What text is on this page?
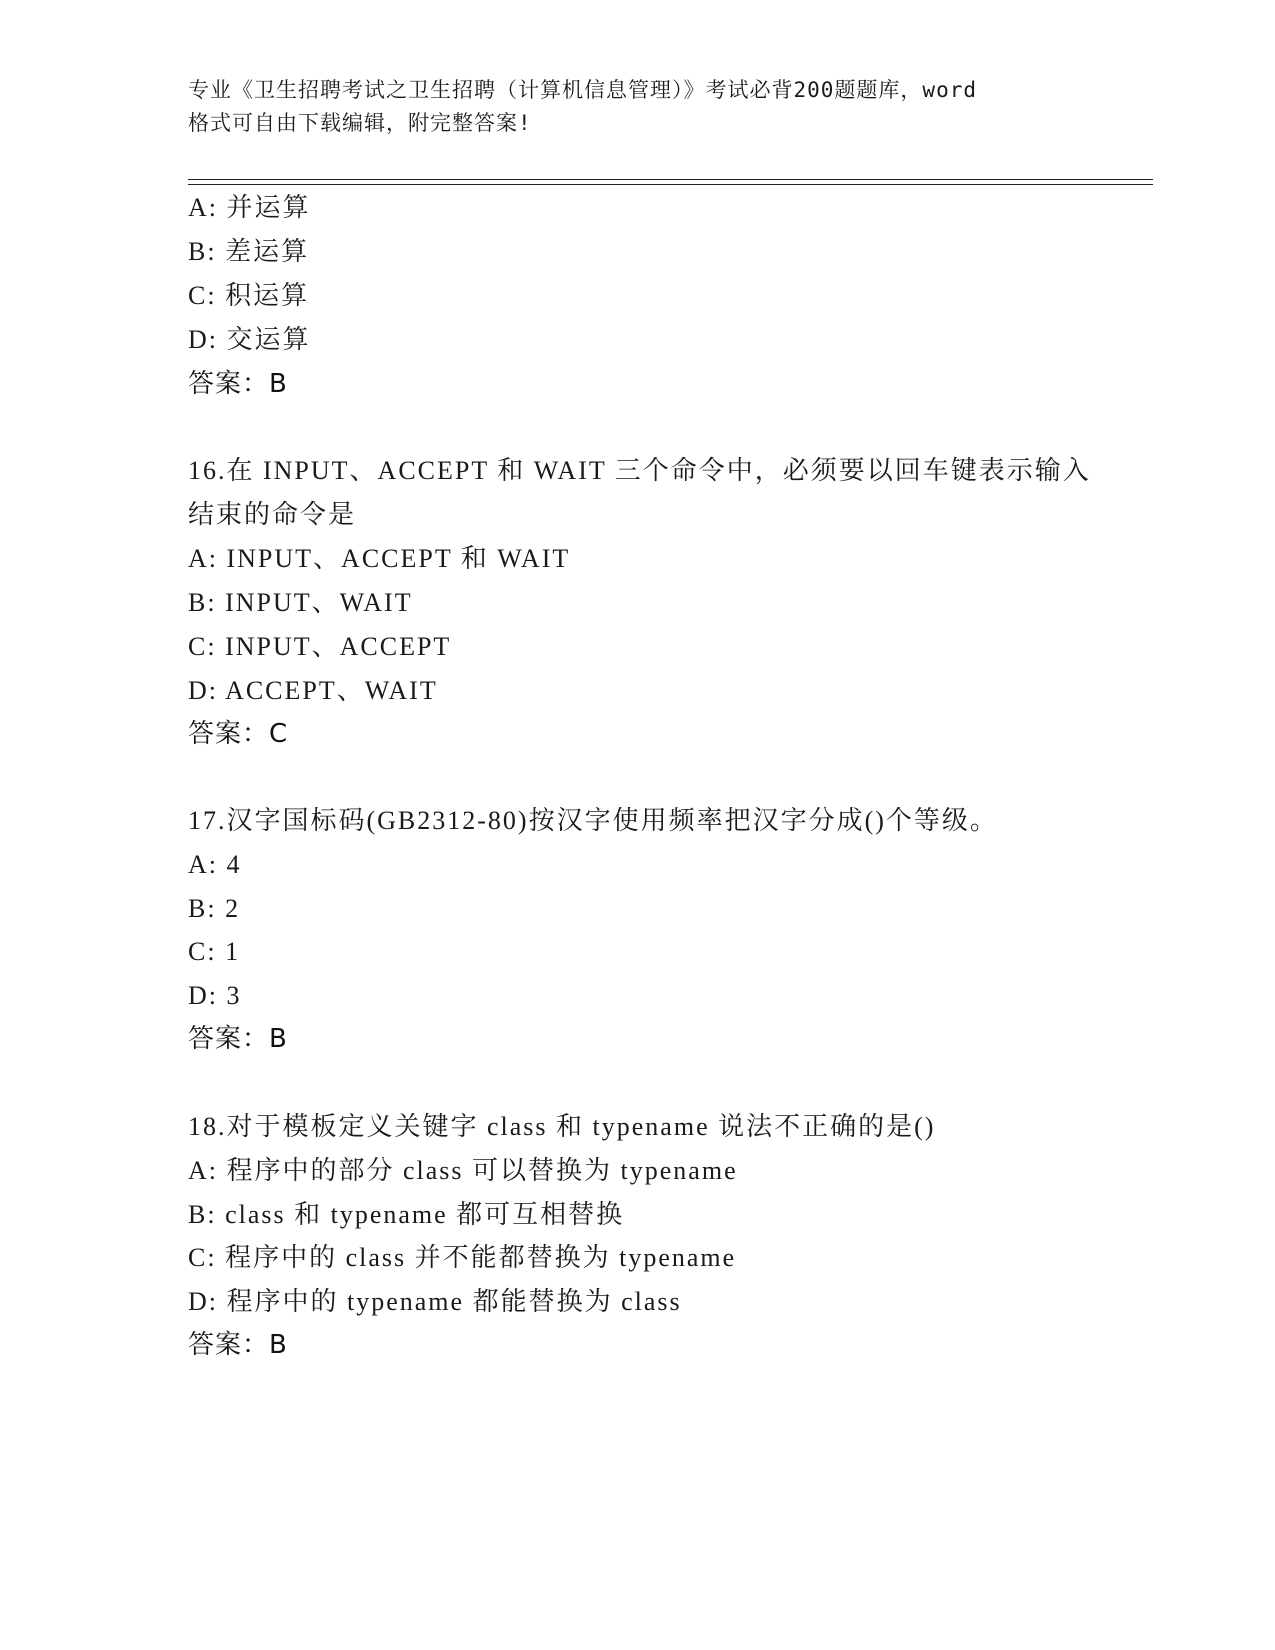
专业《卫生招聘考试之卫生招聘（计算机信息管理）》考试必背200题题库，word
格式可自由下载编辑，附完整答案!
A: 并运算
B: 差运算
C: 积运算
D: 交运算
答案：B
16.在 INPUT、ACCEPT 和 WAIT 三个命令中，必须要以回车键表示输入
结束的命令是
A: INPUT、ACCEPT 和 WAIT
B: INPUT、WAIT
C: INPUT、ACCEPT
D: ACCEPT、WAIT
答案：C
17.汉字国标码(GB2312-80)按汉字使用频率把汉字分成()个等级。
A: 4
B: 2
C: 1
D: 3
答案：B
18.对于模板定义关键字 class 和 typename 说法不正确的是()
A: 程序中的部分 class 可以替换为 typename
B: class 和 typename 都可互相替换
C: 程序中的 class 并不能都替换为 typename
D: 程序中的 typename 都能替换为 class
答案：B
